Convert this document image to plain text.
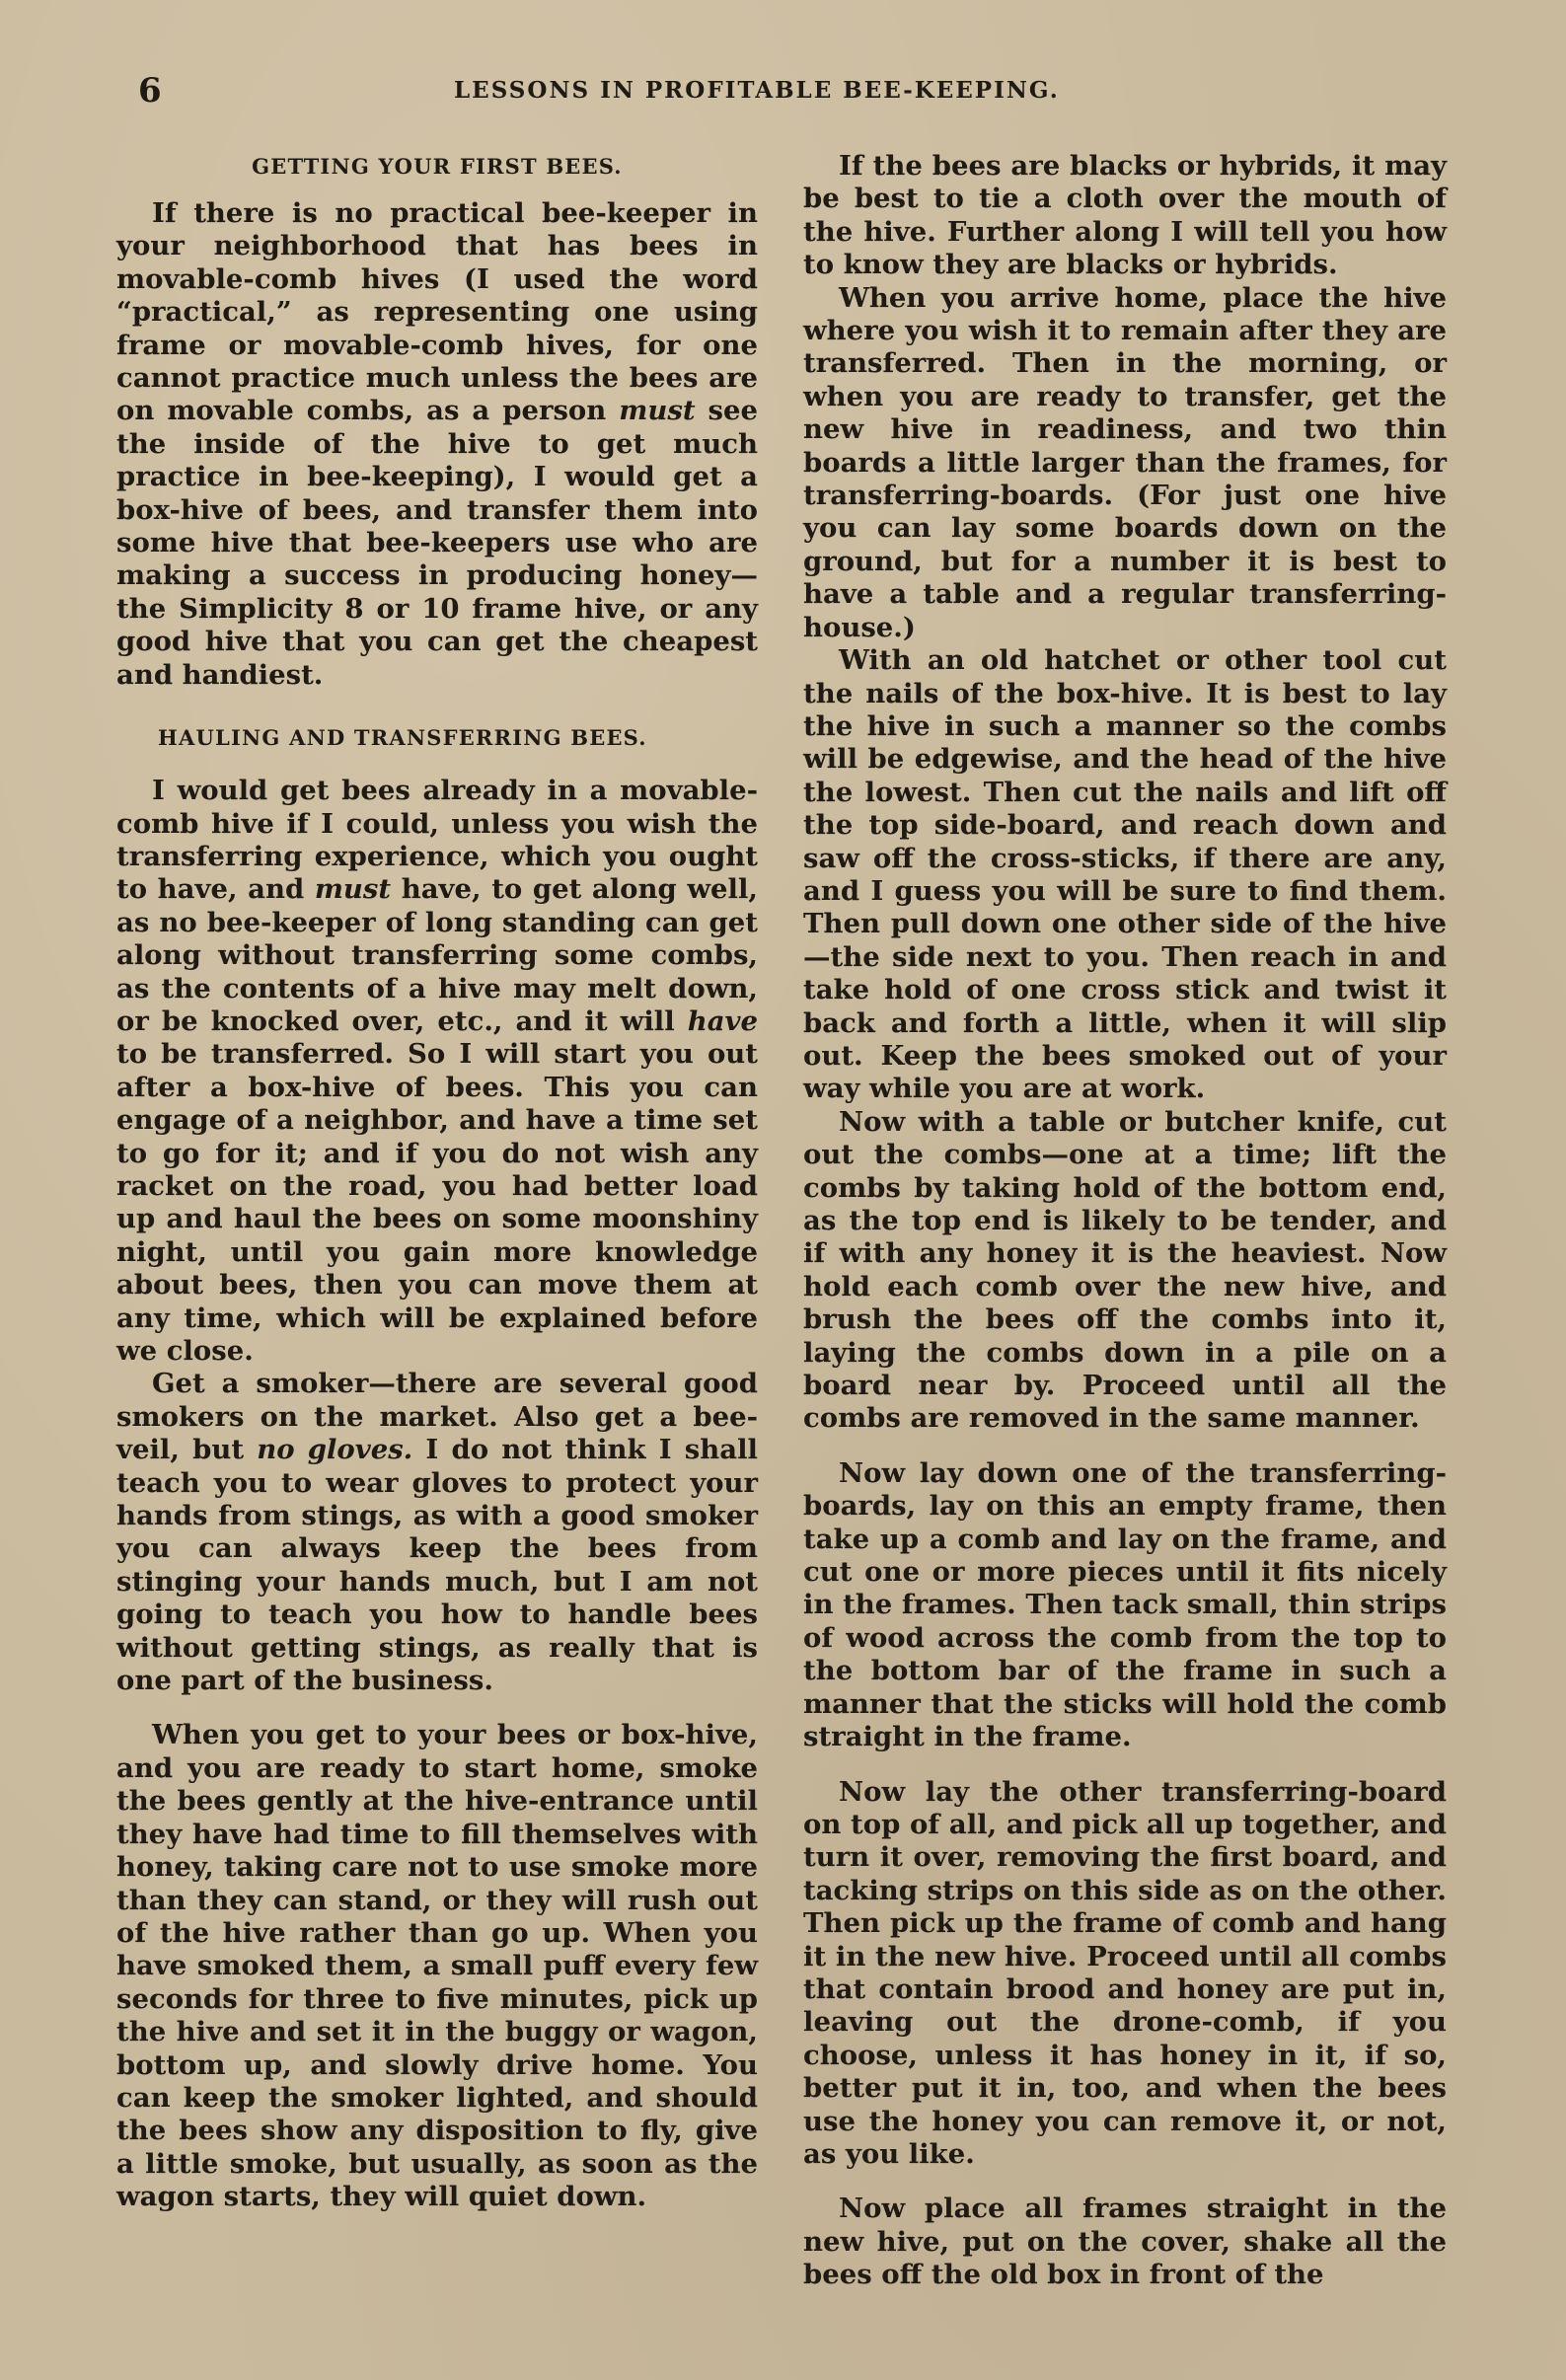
6	LESSONS IN PROFITABLE BEE-KEEPING.
GETTING YOUR FIRST BEES.

If there is no practical bee-keeper in your neighborhood that has bees in movable-comb hives (I used the word “practical,” as representing one using frame or movable-comb hives, for one cannot practice much unless the bees are on movable combs, as a person must see the inside of the hive to get much practice in bee-keeping), I would get a box-hive of bees, and transfer them into some hive that bee-keepers use who are making a success in producing honey—the Simplicity 8 or 10 frame hive, or any good hive that you can get the cheapest and handiest.

HAULING AND TRANSFERRING BEES.

I would get bees already in a movable-comb hive if I could, unless you wish the transferring experience, which you ought to have, and must have, to get along well, as no bee-keeper of long standing can get along without transferring some combs, as the contents of a hive may melt down, or be knocked over, etc., and it will have to be transferred. So I will start you out after a box-hive of bees. This you can engage of a neighbor, and have a time set to go for it; and if you do not wish any racket on the road, you had better load up and haul the bees on some moonshiny night, until you gain more knowledge about bees, then you can move them at any time, which will be explained before we close.

Get a smoker—there are several good smokers on the market. Also get a bee-veil, but no gloves. I do not think I shall teach you to wear gloves to protect your hands from stings, as with a good smoker you can always keep the bees from stinging your hands much, but I am not going to teach you how to handle bees without getting stings, as really that is one part of the business.

When you get to your bees or box-hive, and you are ready to start home, smoke the bees gently at the hive-entrance until they have had time to fill themselves with honey, taking care not to use smoke more than they can stand, or they will rush out of the hive rather than go up. When you have smoked them, a small puff every few seconds for three to five minutes, pick up the hive and set it in the buggy or wagon, bottom up, and slowly drive home. You can keep the smoker lighted, and should the bees show any disposition to fly, give a little smoke, but usually, as soon as the wagon starts, they will quiet down.

If the bees are blacks or hybrids, it may be best to tie a cloth over the mouth of the hive. Further along I will tell you how to know they are blacks or hybrids.

When you arrive home, place the hive where you wish it to remain after they are transferred. Then in the morning, or when you are ready to transfer, get the new hive in readiness, and two thin boards a little larger than the frames, for transferring-boards. (For just one hive you can lay some boards down on the ground, but for a number it is best to have a table and a regular transferring-house.)

With an old hatchet or other tool cut the nails of the box-hive. It is best to lay the hive in such a manner so the combs will be edgewise, and the head of the hive the lowest. Then cut the nails and lift off the top side-board, and reach down and saw off the cross-sticks, if there are any, and I guess you will be sure to find them. Then pull down one other side of the hive—the side next to you. Then reach in and take hold of one cross stick and twist it back and forth a little, when it will slip out. Keep the bees smoked out of your way while you are at work.

Now with a table or butcher knife, cut out the combs—one at a time; lift the combs by taking hold of the bottom end, as the top end is likely to be tender, and if with any honey it is the heaviest. Now hold each comb over the new hive, and brush the bees off the combs into it, laying the combs down in a pile on a board near by. Proceed until all the combs are removed in the same manner.

Now lay down one of the transferring-boards, lay on this an empty frame, then take up a comb and lay on the frame, and cut one or more pieces until it fits nicely in the frames. Then tack small, thin strips of wood across the comb from the top to the bottom bar of the frame in such a manner that the sticks will hold the comb straight in the frame.

Now lay the other transferring-board on top of all, and pick all up together, and turn it over, removing the first board, and tacking strips on this side as on the other. Then pick up the frame of comb and hang it in the new hive. Proceed until all combs that contain brood and honey are put in, leaving out the drone-comb, if you choose, unless it has honey in it, if so, better put it in, too, and when the bees use the honey you can remove it, or not, as you like.

Now place all frames straight in the new hive, put on the cover, shake all the bees off the old box in front of the
